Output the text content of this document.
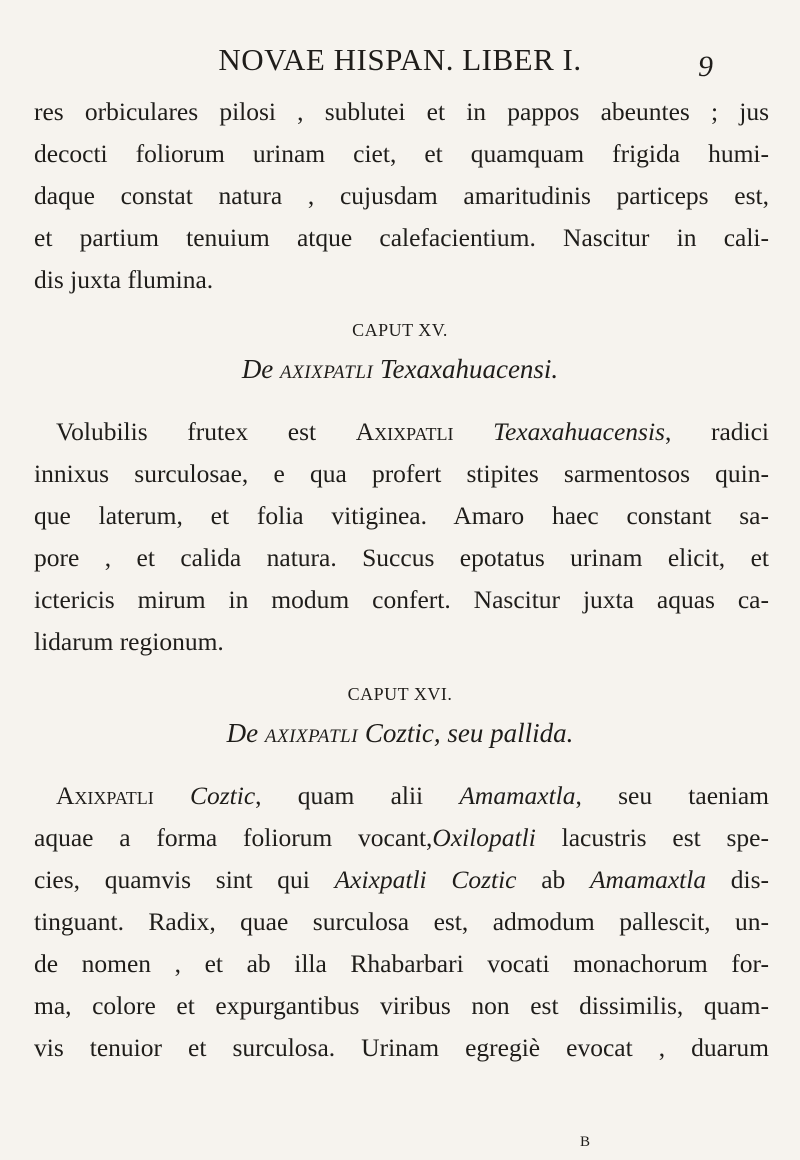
NOVAE HISPAN. LIBER I.	9
res orbiculares pilosi , sublutei et in pappos abeuntes ; jus
decocti foliorum urinam ciet, et quamquam frigida humi-
daque constat natura , cujusdam amaritudinis particeps est,
et partium tenuium atque calefacientium. Nascitur in cali-
dis juxta flumina.
CAPUT XV.
De axixpatli Texaxahuacensi.
Volubilis frutex est Axixpatli Texaxahuacensis, radici
innixus surculosae, e qua profert stipites sarmentosos quin-
que laterum, et folia vitiginea. Amaro haec constant sa-
pore , et calida natura. Succus epotatus urinam elicit, et
ictericis mirum in modum confert. Nascitur juxta aquas ca-
lidarum regionum.
CAPUT XVI.
De axixpatli Coztic, seu pallida.
Axixpatli Coztic, quam alii Amamaxtla, seu taeniam
aquae a forma foliorum vocant,Oxilopatli lacustris est spe-
cies, quamvis sint qui Axixpatli Coztic ab Amamaxtla dis-
tinguant. Radix, quae surculosa est, admodum pallescit, un-
de nomen , et ab illa Rhabarbari vocati monachorum for-
ma, colore et expurgantibus viribus non est dissimilis, quam-
vis tenuior et surculosa. Urinam egregiè evocat , duarum
B
